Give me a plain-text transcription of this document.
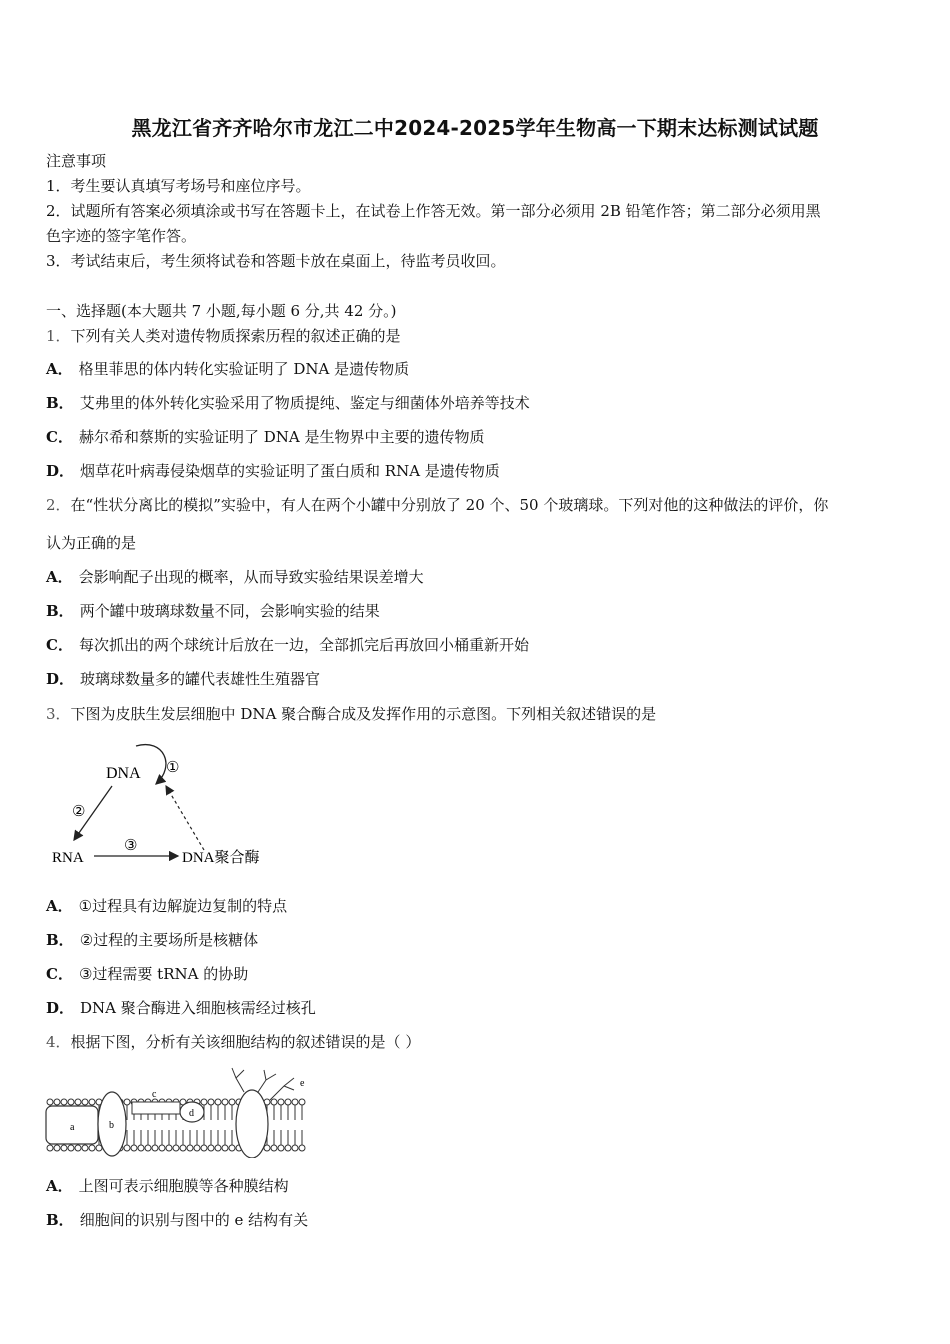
黑龙江省齐齐哈尔市龙江二中2024-2025学年生物高一下期末达标测试试题
注意事项
1．考生要认真填写考场号和座位序号。
2．试题所有答案必须填涂或书写在答题卡上，在试卷上作答无效。第一部分必须用 2B 铅笔作答；第二部分必须用黑
色字迹的签字笔作答。
3．考试结束后，考生须将试卷和答题卡放在桌面上，待监考员收回。
一、选择题(本大题共 7 小题,每小题 6 分,共 42 分。)
1．下列有关人类对遗传物质探索历程的叙述正确的是
A． 格里菲思的体内转化实验证明了 DNA 是遗传物质
B． 艾弗里的体外转化实验采用了物质提纯、鉴定与细菌体外培养等技术
C． 赫尔希和蔡斯的实验证明了 DNA 是生物界中主要的遗传物质
D． 烟草花叶病毒侵染烟草的实验证明了蛋白质和 RNA 是遗传物质
2．在“性状分离比的模拟”实验中，有人在两个小罐中分别放了 20 个、50 个玻璃球。下列对他的这种做法的评价，你
认为正确的是
A． 会影响配子出现的概率，从而导致实验结果误差增大
B． 两个罐中玻璃球数量不同，会影响实验的结果
C． 每次抓出的两个球统计后放在一边，全部抓完后再放回小桶重新开始
D． 玻璃球数量多的罐代表雄性生殖器官
3．下图为皮肤生发层细胞中 DNA 聚合酶合成及发挥作用的示意图。下列相关叙述错误的是
DNA ①
②
RNA
③
DNA聚合酶
A． ①过程具有边解旋边复制的特点
B． ②过程的主要场所是核糖体
C． ③过程需要 tRNA 的协助
D． DNA 聚合酶进入细胞核需经过核孔
4．根据下图，分析有关该细胞结构的叙述错误的是（ ）
a	b
c
d
e
A． 上图可表示细胞膜等各种膜结构
B． 细胞间的识别与图中的 e 结构有关
